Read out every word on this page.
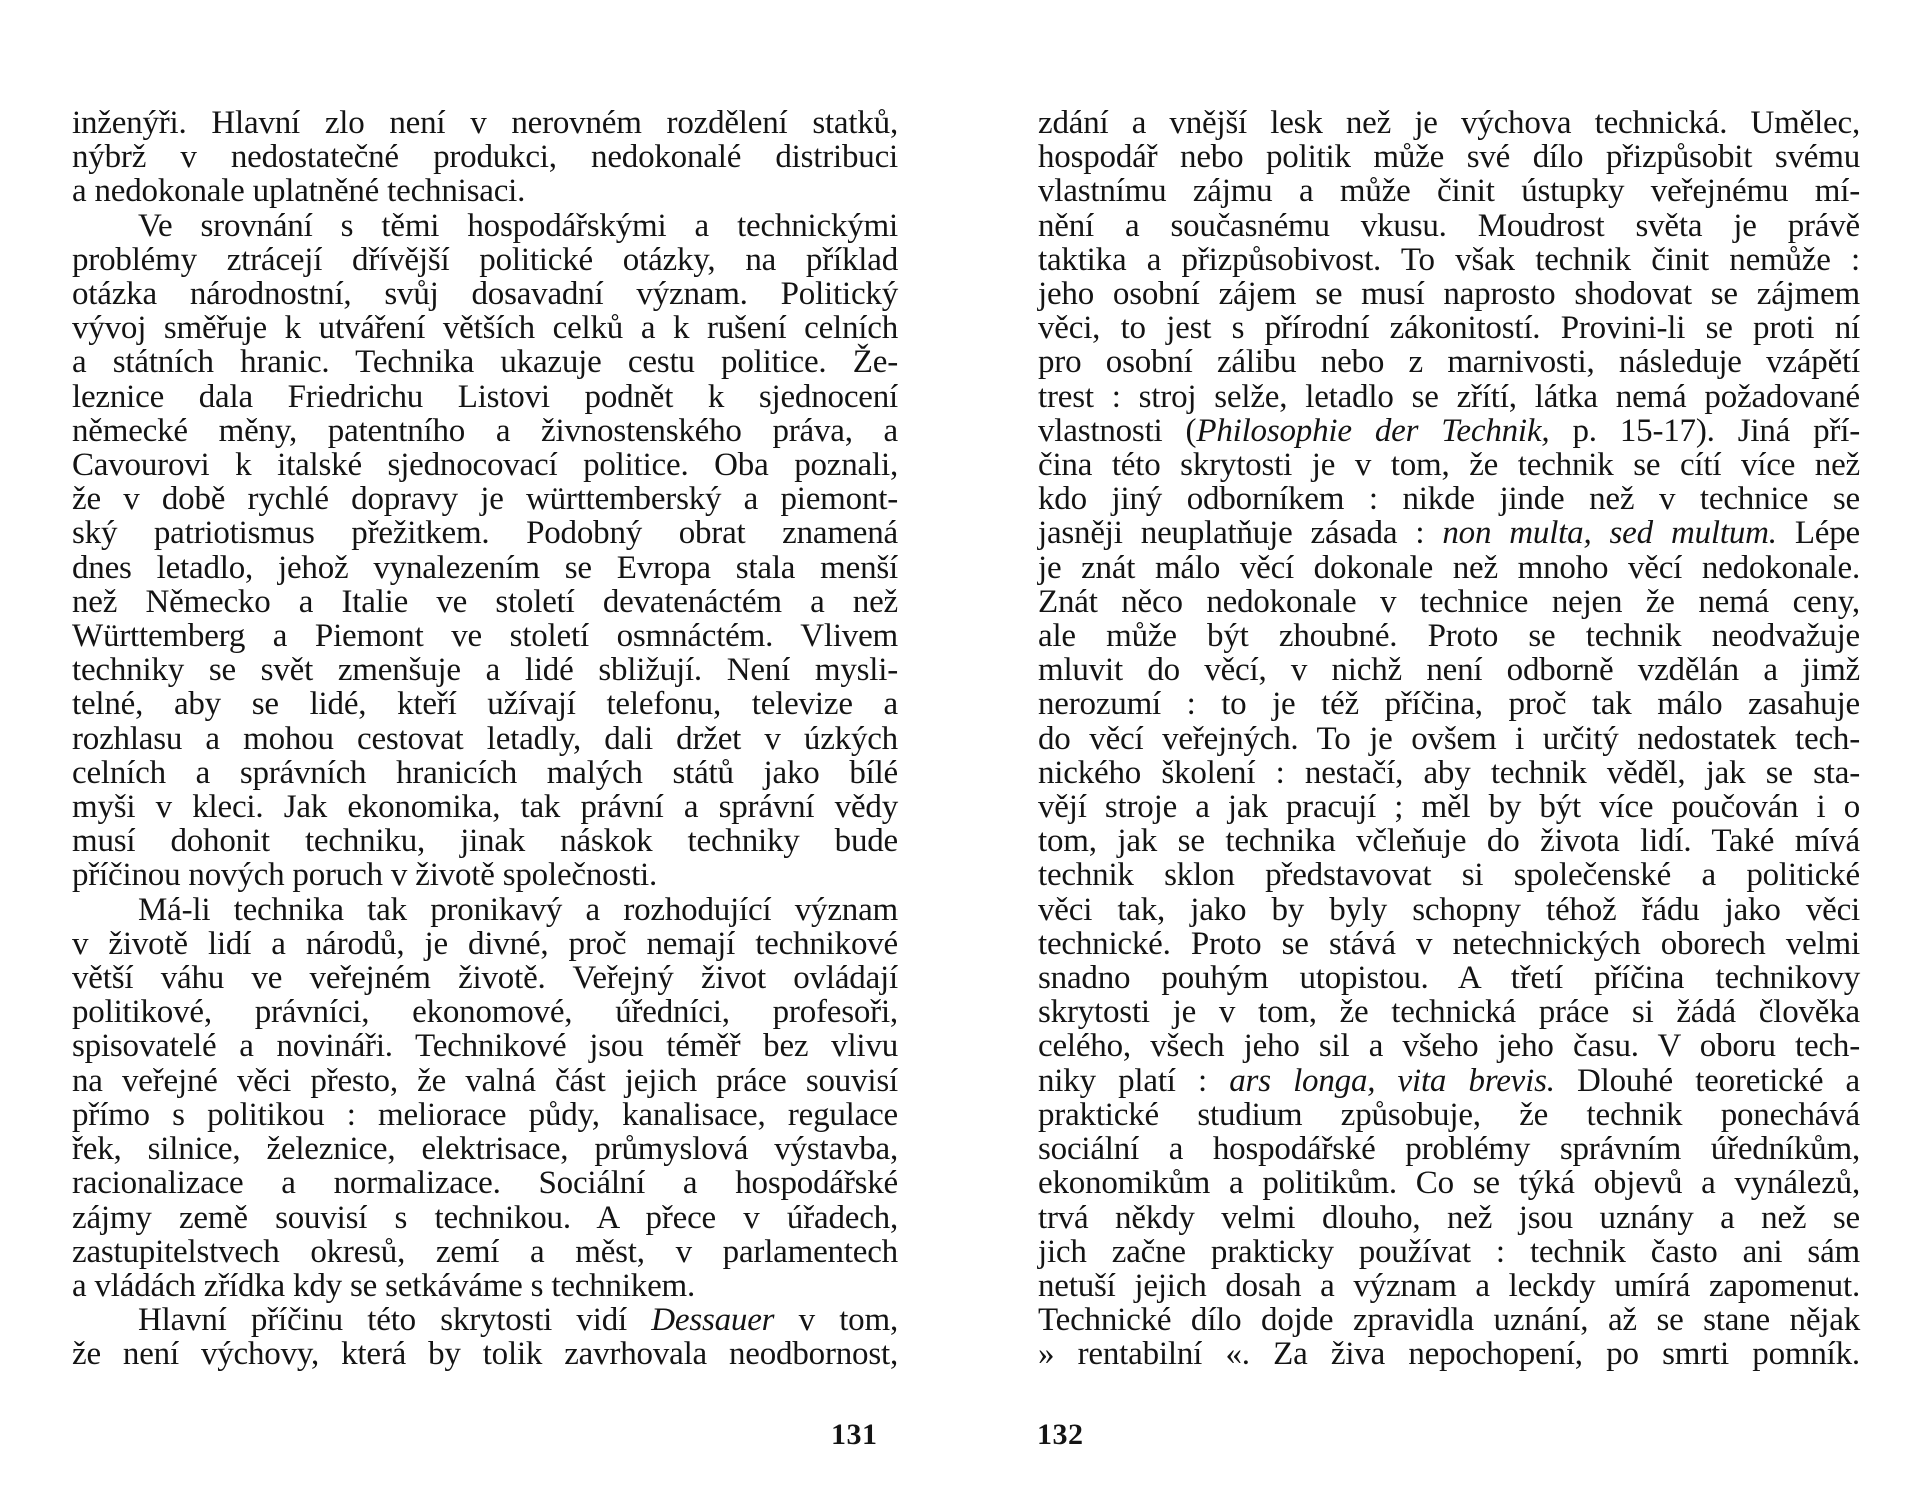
inženýři. Hlavní zlo není v nerovném rozdělení statků,
nýbrž v nedostatečné produkci, nedokonalé distribuci
a nedokonale uplatněné technisaci.
Ve srovnání s těmi hospodářskými a technickými
problémy ztrácejí dřívější politické otázky, na příklad
otázka národnostní, svůj dosavadní význam. Politický
vývoj směřuje k utváření větších celků a k rušení celních
a státních hranic. Technika ukazuje cestu politice. Že-
leznice dala Friedrichu Listovi podnět k sjednocení
německé měny, patentního a živnostenského práva, a
Cavourovi k italské sjednocovací politice. Oba poznali,
že v době rychlé dopravy je württemberský a piemont-
ský patriotismus přežitkem. Podobný obrat znamená
dnes letadlo, jehož vynalezením se Evropa stala menší
než Německo a Italie ve století devatenáctém a než
Württemberg a Piemont ve století osmnáctém. Vlivem
techniky se svět zmenšuje a lidé sbližují. Není mysli-
telné, aby se lidé, kteří užívají telefonu, televize a
rozhlasu a mohou cestovat letadly, dali držet v úzkých
celních a správních hranicích malých států jako bílé
myši v kleci. Jak ekonomika, tak právní a správní vědy
musí dohonit techniku, jinak náskok techniky bude
příčinou nových poruch v životě společnosti.
Má-li technika tak pronikavý a rozhodující význam
v životě lidí a národů, je divné, proč nemají technikové
větší váhu ve veřejném životě. Veřejný život ovládají
politikové, právníci, ekonomové, úředníci, profesoři,
spisovatelé a novináři. Technikové jsou téměř bez vlivu
na veřejné věci přesto, že valná část jejich práce souvisí
přímo s politikou : meliorace půdy, kanalisace, regulace
řek, silnice, železnice, elektrisace, průmyslová výstavba,
racionalizace a normalizace. Sociální a hospodářské
zájmy země souvisí s technikou. A přece v úřadech,
zastupitelstvech okresů, zemí a měst, v parlamentech
a vládách zřídka kdy se setkáváme s technikem.
Hlavní příčinu této skrytosti vidí Dessauer v tom,
že není výchovy, která by tolik zavrhovala neodbornost,
131
zdání a vnější lesk než je výchova technická. Umělec,
hospodář nebo politik může své dílo přizpůsobit svému
vlastnímu zájmu a může činit ústupky veřejnému mí-
nění a současnému vkusu. Moudrost světa je právě
taktika a přizpůsobivost. To však technik činit nemůže :
jeho osobní zájem se musí naprosto shodovat se zájmem
věci, to jest s přírodní zákonitostí. Provini-li se proti ní
pro osobní zálibu nebo z marnivosti, následuje vzápětí
trest : stroj selže, letadlo se zřítí, látka nemá požadované
vlastnosti (Philosophie der Technik, p. 15-17). Jiná pří-
čina této skrytosti je v tom, že technik se cítí více než
kdo jiný odborníkem : nikde jinde než v technice se
jasněji neuplatňuje zásada : non multa, sed multum. Lépe
je znát málo věcí dokonale než mnoho věcí nedokonale.
Znát něco nedokonale v technice nejen že nemá ceny,
ale může být zhoubné. Proto se technik neodvažuje
mluvit do věcí, v nichž není odborně vzdělán a jimž
nerozumí : to je též příčina, proč tak málo zasahuje
do věcí veřejných. To je ovšem i určitý nedostatek tech-
nického školení : nestačí, aby technik věděl, jak se sta-
vějí stroje a jak pracují ; měl by být více poučován i o
tom, jak se technika včleňuje do života lidí. Také mívá
technik sklon představovat si společenské a politické
věci tak, jako by byly schopny téhož řádu jako věci
technické. Proto se stává v netechnických oborech velmi
snadno pouhým utopistou. A třetí příčina technikovy
skrytosti je v tom, že technická práce si žádá člověka
celého, všech jeho sil a všeho jeho času. V oboru tech-
niky platí : ars longa, vita brevis. Dlouhé teoretické a
praktické studium způsobuje, že technik ponechává
sociální a hospodářské problémy správním úředníkům,
ekonomikům a politikům. Co se týká objevů a vynálezů,
trvá někdy velmi dlouho, než jsou uznány a než se
jich začne prakticky používat : technik často ani sám
netuší jejich dosah a význam a leckdy umírá zapomenut.
Technické dílo dojde zpravidla uznání, až se stane nějak
» rentabilní «. Za živa nepochopení, po smrti pomník.
132
